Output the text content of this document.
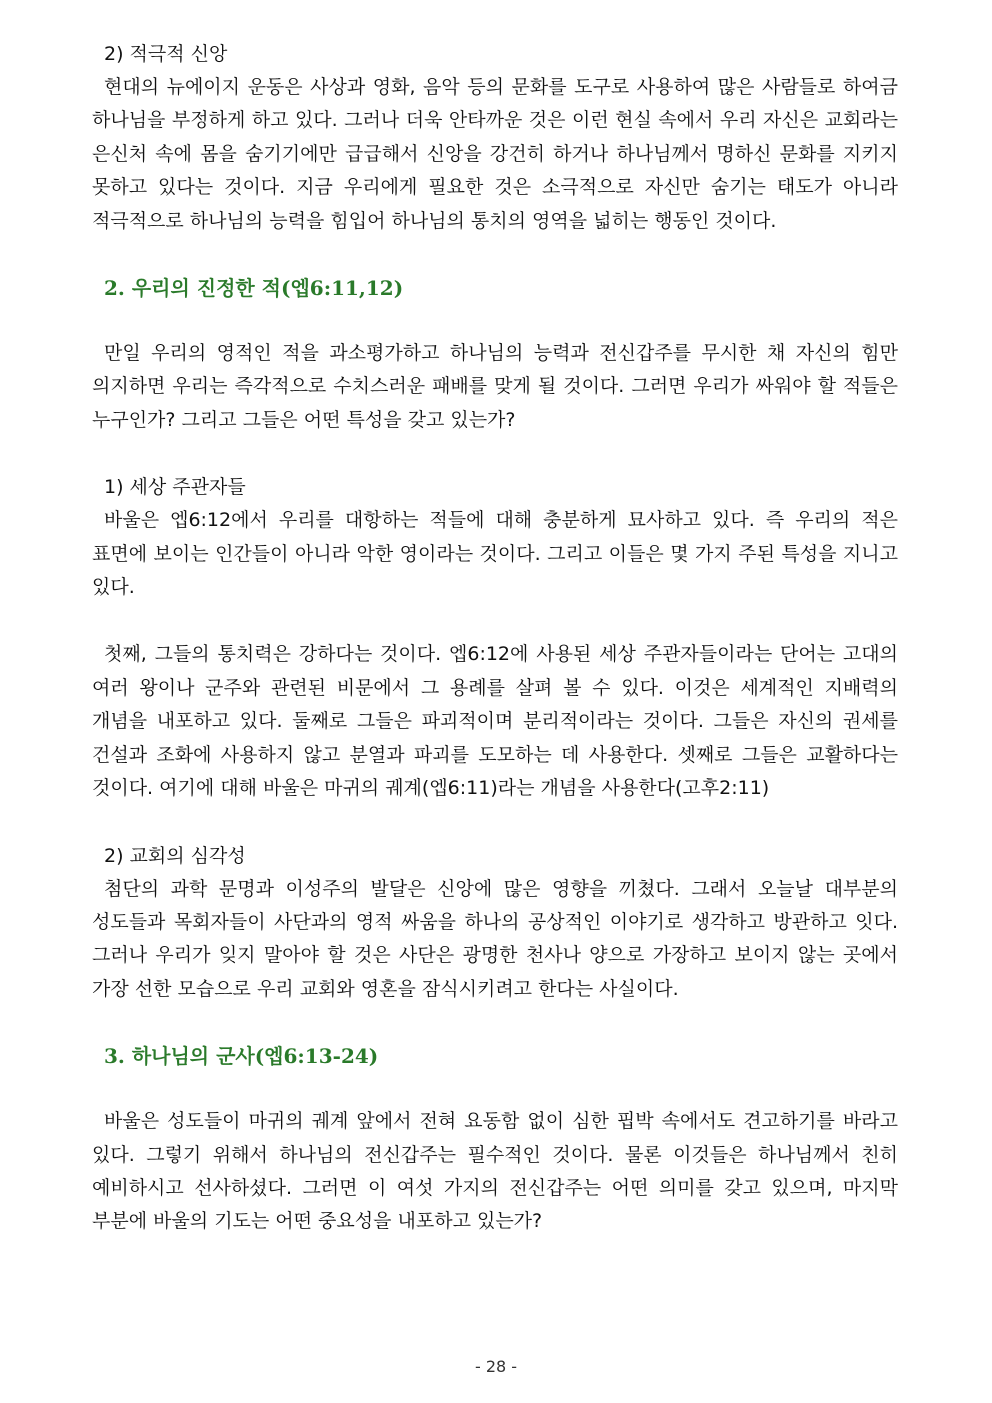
2) 적극적 신앙

현대의 뉴에이지 운동은 사상과 영화, 음악 등의 문화를 도구로 사용하여 많은 사람들로 하여금 하나님을 부정하게 하고 있다. 그러나 더욱 안타까운 것은 이런 현실 속에서 우리 자신은 교회라는 은신처 속에 몸을 숨기기에만 급급해서 신앙을 강건히 하거나 하나님께서 명하신 문화를 지키지 못하고 있다는 것이다. 지금 우리에게 필요한 것은 소극적으로 자신만 숨기는 태도가 아니라 적극적으로 하나님의 능력을 힘입어 하나님의 통치의 영역을 넓히는 행동인 것이다.

2. 우리의 진정한 적(엡6:11,12)

만일 우리의 영적인 적을 과소평가하고 하나님의 능력과 전신갑주를 무시한 채 자신의 힘만 의지하면 우리는 즉각적으로 수치스러운 패배를 맞게 될 것이다. 그러면 우리가 싸워야 할 적들은 누구인가? 그리고 그들은 어떤 특성을 갖고 있는가?

1) 세상 주관자들

바울은 엡6:12에서 우리를 대항하는 적들에 대해 충분하게 묘사하고 있다. 즉 우리의 적은 표면에 보이는 인간들이 아니라 악한 영이라는 것이다. 그리고 이들은 몇 가지 주된 특성을 지니고 있다.

첫째, 그들의 통치력은 강하다는 것이다. 엡6:12에 사용된 세상 주관자들이라는 단어는 고대의 여러 왕이나 군주와 관련된 비문에서 그 용례를 살펴 볼 수 있다. 이것은 세계적인 지배력의 개념을 내포하고 있다. 둘째로 그들은 파괴적이며 분리적이라는 것이다. 그들은 자신의 권세를 건설과 조화에 사용하지 않고 분열과 파괴를 도모하는 데 사용한다. 셋째로 그들은 교활하다는 것이다. 여기에 대해 바울은 마귀의 궤계(엡6:11)라는 개념을 사용한다(고후2:11)

2) 교회의 심각성

첨단의 과학 문명과 이성주의 발달은 신앙에 많은 영향을 끼쳤다. 그래서 오늘날 대부분의 성도들과 목회자들이 사단과의 영적 싸움을 하나의 공상적인 이야기로 생각하고 방관하고 잇다. 그러나 우리가 잊지 말아야 할 것은 사단은 광명한 천사나 양으로 가장하고 보이지 않는 곳에서 가장 선한 모습으로 우리 교회와 영혼을 잠식시키려고 한다는 사실이다.

3. 하나님의 군사(엡6:13-24)

바울은 성도들이 마귀의 궤계 앞에서 전혀 요동함 없이 심한 핍박 속에서도 견고하기를 바라고 있다. 그렇기 위해서 하나님의 전신갑주는 필수적인 것이다. 물론 이것들은 하나님께서 친히 예비하시고 선사하셨다. 그러면 이 여섯 가지의 전신갑주는 어떤 의미를 갖고 있으며, 마지막 부분에 바울의 기도는 어떤 중요성을 내포하고 있는가?

- 28 -
